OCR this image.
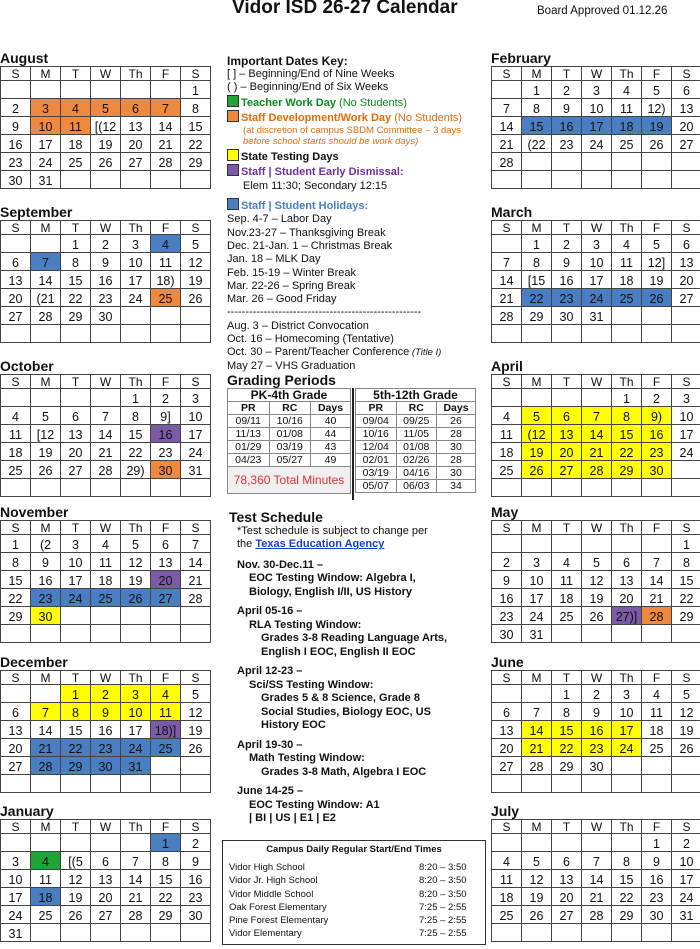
Vidor ISD 26-27 Calendar	Board Approved 01.12.26
August
S	M	T	W	Th	F	S
						1
2	3	4	5	6	7	8
9	10	11	[(12	13	14	15
16	17	18	19	20	21	22
23	24	25	26	27	28	29
30	31					
September
S	M	T	W	Th	F	S
		1	2	3	4	5
6	7	8	9	10	11	12
13	14	15	16	17	18)	19
20	(21	22	23	24	25	26
27	28	29	30			

October
S	M	T	W	Th	F	S
				1	2	3
4	5	6	7	8	9]	10
11	[12	13	14	15	16	17
18	19	20	21	22	23	24
25	26	27	28	29)	30	31

November
S	M	T	W	Th	F	S
1	(2	3	4	5	6	7
8	9	10	11	12	13	14
15	16	17	18	19	20	21
22	23	24	25	26	27	28
29	30					

December
S	M	T	W	Th	F	S
		1	2	3	4	5
6	7	8	9	10	11	12
13	14	15	16	17	18)]	19
20	21	22	23	24	25	26
27	28	29	30	31		

January
S	M	T	W	Th	F	S
					1	2
3	4	[(5	6	7	8	9
10	11	12	13	14	15	16
17	18	19	20	21	22	23
24	25	26	27	28	29	30
31						
February
S	M	T	W	Th	F	S
	1	2	3	4	5	6
7	8	9	10	11	12)	13
14	15	16	17	18	19	20
21	(22	23	24	25	26	27
28						

March
S	M	T	W	Th	F	S
	1	2	3	4	5	6
7	8	9	10	11	12]	13
14	[15	16	17	18	19	20
21	22	23	24	25	26	27
28	29	30	31			

April
S	M	T	W	Th	F	S
				1	2	3
4	5	6	7	8	9)	10
11	(12	13	14	15	16	17
18	19	20	21	22	23	24
25	26	27	28	29	30	

May
S	M	T	W	Th	F	S
						1
2	3	4	5	6	7	8
9	10	11	12	13	14	15
16	17	18	19	20	21	22
23	24	25	26	27)]	28	29
30	31					
June
S	M	T	W	Th	F	S
		1	2	3	4	5
6	7	8	9	10	11	12
13	14	15	16	17	18	19
20	21	22	23	24	25	26
27	28	29	30			

July
S	M	T	W	Th	F	S
					1	2
4	5	6	7	8	9	10
11	12	13	14	15	16	17
18	19	20	21	22	23	24
25	26	27	28	29	30	31

Important Dates Key:
[ ] – Beginning/End of Nine Weeks
( ) – Beginning/End of Six Weeks
Teacher Work Day (No Students)
Staff Development/Work Day (No Students)
(at discretion of campus SBDM Committee – 3 days
before school starts should be work days)
State Testing Days
Staff | Student Early Dismissal:
Elem 11:30; Secondary 12:15
Staff | Student Holidays:
Sep. 4-7 – Labor Day
Nov.23-27 – Thanksgiving Break
Dec. 21-Jan. 1 – Christmas Break
Jan. 18 – MLK Day
Feb. 15-19 – Winter Break
Mar. 22-26 – Spring Break
Mar. 26 – Good Friday
-----------------------------------------------------
Aug. 3 – District Convocation
Oct. 16 – Homecoming (Tentative)
Oct. 30 – Parent/Teacher Conference (Title I)
May 27 – VHS Graduation
Grading Periods
PK-4th Grade		
PR	RC	Days
09/11	10/16	40
11/13	01/08	44
01/29	03/19	43
04/23	05/27	49
78,360 Total Minutes		
5th-12th Grade		
PR	RC	Days
09/04	09/25	26
10/16	11/05	28
12/04	01/08	30
02/01	02/26	28
03/19	04/16	30
05/07	06/03	34
Test Schedule
*Test schedule is subject to change per
the Texas Education Agency
Nov. 30-Dec.11 –
EOC Testing Window: Algebra I,
Biology, English I/II, US History
April 05-16 –
RLA Testing Window:
Grades 3-8 Reading Language Arts,
English I EOC, English II EOC
April 12-23 –
Sci/SS Testing Window:
Grades 5 & 8 Science, Grade 8
Social Studies, Biology EOC, US
History EOC
April 19-30 –
Math Testing Window:
Grades 3-8 Math, Algebra I EOC
June 14-25 –
EOC Testing Window: A1
| BI | US | E1 | E2
Campus Daily Regular Start/End Times
Vidor High School	8:20 – 3:50
Vidor Jr. High School	8:20 – 3:50
Vidor Middle School	8:20 – 3:50
Oak Forest Elementary	7:25 – 2:55
Pine Forest Elementary	7:25 – 2:55
Vidor Elementary	7:25 – 2:55
